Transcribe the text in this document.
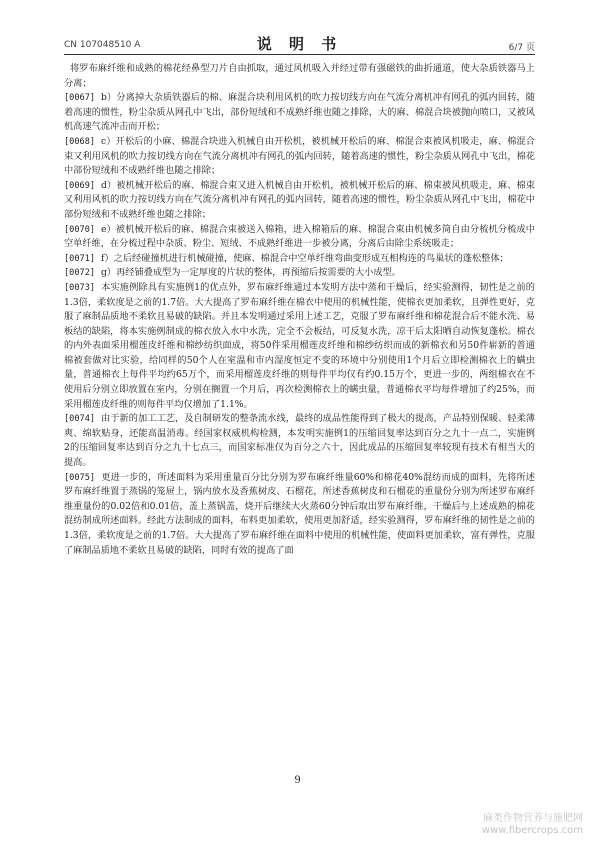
CN 107048510 A	说 明 书	6/7 页

将罗布麻纤维和成熟的棉花经鼻型刀片自由抓取，通过风机吸入并经过带有强磁铁的曲折通道，使大杂质铁器马上分离；

[0067] b）分离掉大杂质铁器后的棉、麻混合块利用风机的吹力按切线方向在气流分离机冲有网孔的弧内回转，随着高速的惯性，粉尘杂质从网孔中飞出，部份短绒和不成熟纤维也随之排除，大的麻、棉混合块被抛向喷口，又被风机高速气流冲击而开松；

[0068] c）开松后的小麻、棉混合块进入机械自由开松机，被机械开松后的麻、棉混合束被风机吸走，麻、棉混合束又利用风机的吹力按切线方向在气流分离机冲有网孔的弧内回转，随着高速的惯性，粉尘杂质从网孔中飞出，棉花中部份短绒和不成熟纤维也随之排除；

[0069] d）被机械开松后的麻、棉混合束又进入机械自由开松机，被机械开松后的麻、棉束被风机吸走，麻、棉束又利用风机的吹力按切线方向在气流分离机冲有网孔的弧内回转，随着高速的惯性，粉尘杂质从网孔中飞出，棉花中部份短绒和不成熟纤维也随之排除；

[0070] e）被机械开松后的麻、棉混合束被送入棉箱，进入棉箱后的麻、棉混合束由机械多筒自由分梳机分梳成中空单纤维，在分梳过程中杂质、粉尘、短绒、不成熟纤维进一步被分离，分离后由除尘系统吸走；

[0071] f）之后经碰撞机进行机械碰撞，使麻、棉混合中空单纤维弯曲变形成互相构连的鸟巢状的蓬松整体；

[0072] g）再经铺叠成型为一定厚度的片状的整体，再预缩后按需要的大小成型。

[0073] 本实施例除具有实施例1的优点外，罗布麻纤维通过本发明方法中蒸和干燥后，经实验测得，韧性是之前的1.3倍，柔软度是之前的1.7倍。大大提高了罗布麻纤维在棉衣中使用的机械性能，使棉衣更加柔软，且弹性更好，克服了麻制品质地不柔软且易破的缺陷。并且本发明通过采用上述工艺，克服了罗布麻纤维和棉花混合后不能水洗、易板结的缺陷，将本实施例制成的棉衣放入水中水洗，完全不会板结，可反复水洗，凉干后太阳晒自动恢复蓬松。棉衣的内外表面采用榴莲皮纤维和棉纱纺织面成，将50件采用榴莲皮纤维和棉纱纺织而成的新棉衣和另50件崭新的普通棉被套做对比实验，给同样的50个人在室温和市内湿度恒定不变的环境中分别使用1个月后立即检测棉衣上的螨虫量，普通棉衣上每件平均约65万个，而采用榴莲皮纤维的则每件平均仅有约0.15万个，更进一步的，两组棉衣在不使用后分别立即放置在室内，分别在搁置一个月后，再次检测棉衣上的螨虫量，普通棉衣平均每件增加了约25%，而采用榴莲皮纤维的则每件平均仅增加了1.1%。

[0074] 由于新的加工工艺，及自制研发的整条流水线，最终的成品性能得到了极大的提高，产品特别保暖、轻柔薄爽、绵软贴身，还能高温消毒。经国家权威机构检测，本发明实施例1的压缩回复率达到百分之九十一点二，实施例2的压缩回复率达到百分之九十七点三，而国家标准仅为百分之六十，因此成品的压缩回复率较现有技术有相当大的提高。

[0075] 更进一步的，所述面料为采用重量百分比分别为罗布麻纤维量60%和棉花40%混纺而成的面料，先将所述罗布麻纤维置于蒸锅的笼屉上，锅内放水及香蕉树皮、石榴花，所述香蕉树皮和石榴花的重量份分别为所述罗布麻纤维重量份的0.02倍和0.01倍，盖上蒸锅盖，烧开后继续大火蒸60分钟后取出罗布麻纤维，干燥后与上述成熟的棉花混纺制成所述面料。经此方法制成的面料，布料更加柔软，使用更加舒适，经实验测得，罗布麻纤维的韧性是之前的1.3倍，柔软度是之前的1.7倍。大大提高了罗布麻纤维在面料中使用的机械性能，使面料更加柔软，富有弹性，克服了麻制品质地不柔软且易破的缺陷，同时有效的提高了面

9
麻类作物营养与施肥网
www.fibercrops.com
